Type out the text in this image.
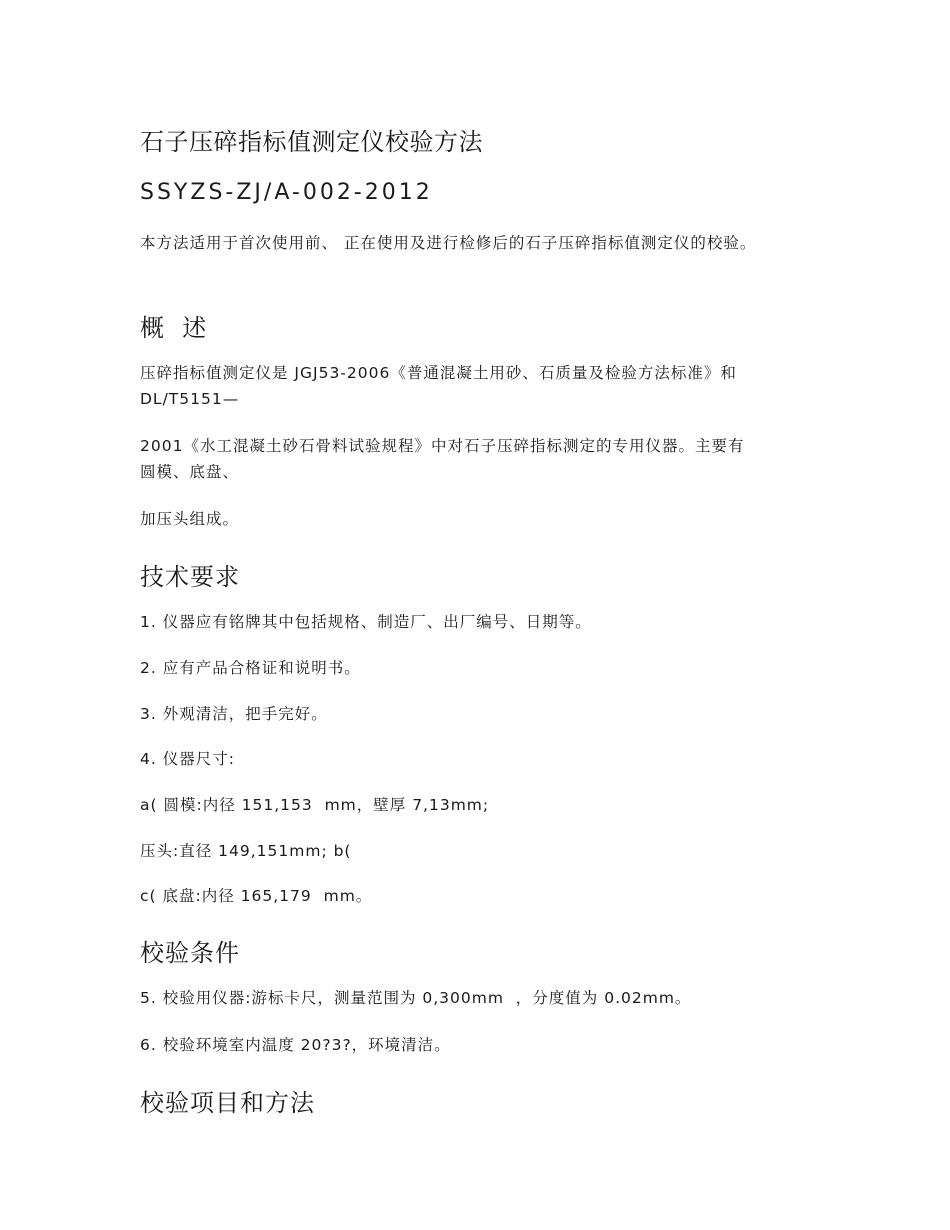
石子压碎指标值测定仪校验方法
SSYZS-ZJ/A-002-2012

本方法适用于首次使用前、 正在使用及进行检修后的石子压碎指标值测定仪的校验。

概  述

压碎指标值测定仪是 JGJ53-2006《普通混凝土用砂、石质量及检验方法标准》和

DL/T5151—

2001《水工混凝土砂石骨料试验规程》中对石子压碎指标测定的专用仪器。主要有

圆模、底盘、

加压头组成。

技术要求

1. 仪器应有铭牌其中包括规格、制造厂、出厂编号、日期等。

2. 应有产品合格证和说明书。

3. 外观清洁，把手完好。

4. 仪器尺寸:

a( 圆模:内径 151,153  mm，壁厚 7,13mm;

压头:直径 149,151mm; b(

c( 底盘:内径 165,179  mm。

校验条件

5. 校验用仪器:游标卡尺，测量范围为 0,300mm  ，分度值为 0.02mm。

6. 校验环境室内温度 20?3?，环境清洁。

校验项目和方法
